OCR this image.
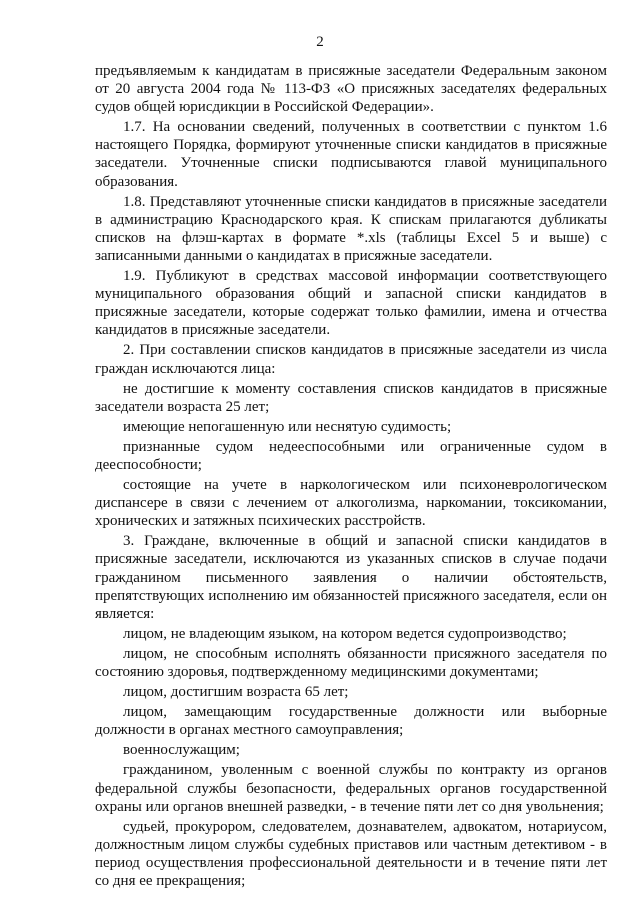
2

предъявляемым к кандидатам в присяжные заседатели Федеральным законом от 20 августа 2004 года № 113-ФЗ «О присяжных заседателях федеральных судов общей юрисдикции в Российской Федерации».

1.7. На основании сведений, полученных в соответствии с пунктом 1.6 настоящего Порядка, формируют уточненные списки кандидатов в присяжные заседатели. Уточненные списки подписываются главой муниципального образования.

1.8. Представляют уточненные списки кандидатов в присяжные заседатели в администрацию Краснодарского края. К спискам прилагаются дубликаты списков на флэш-картах в формате *.xls (таблицы Excel 5 и выше) с записанными данными о кандидатах в присяжные заседатели.

1.9. Публикуют в средствах массовой информации соответствующего муниципального образования общий и запасной списки кандидатов в присяжные заседатели, которые содержат только фамилии, имена и отчества кандидатов в присяжные заседатели.

2. При составлении списков кандидатов в присяжные заседатели из числа граждан исключаются лица:

не достигшие к моменту составления списков кандидатов в присяжные заседатели возраста 25 лет;

имеющие непогашенную или неснятую судимость;

признанные судом недееспособными или ограниченные судом в дееспособности;

состоящие на учете в наркологическом или психоневрологическом диспансере в связи с лечением от алкоголизма, наркомании, токсикомании, хронических и затяжных психических расстройств.

3. Граждане, включенные в общий и запасной списки кандидатов в присяжные заседатели, исключаются из указанных списков в случае подачи гражданином письменного заявления о наличии обстоятельств, препятствующих исполнению им обязанностей присяжного заседателя, если он является:

лицом, не владеющим языком, на котором ведется судопроизводство;

лицом, не способным исполнять обязанности присяжного заседателя по состоянию здоровья, подтвержденному медицинскими документами;

лицом, достигшим возраста 65 лет;

лицом, замещающим государственные должности или выборные должности в органах местного самоуправления;

военнослужащим;

гражданином, уволенным с военной службы по контракту из органов федеральной службы безопасности, федеральных органов государственной охраны или органов внешней разведки, - в течение пяти лет со дня увольнения;

судьей, прокурором, следователем, дознавателем, адвокатом, нотариусом, должностным лицом службы судебных приставов или частным детективом - в период осуществления профессиональной деятельности и в течение пяти лет со дня ее прекращения;
